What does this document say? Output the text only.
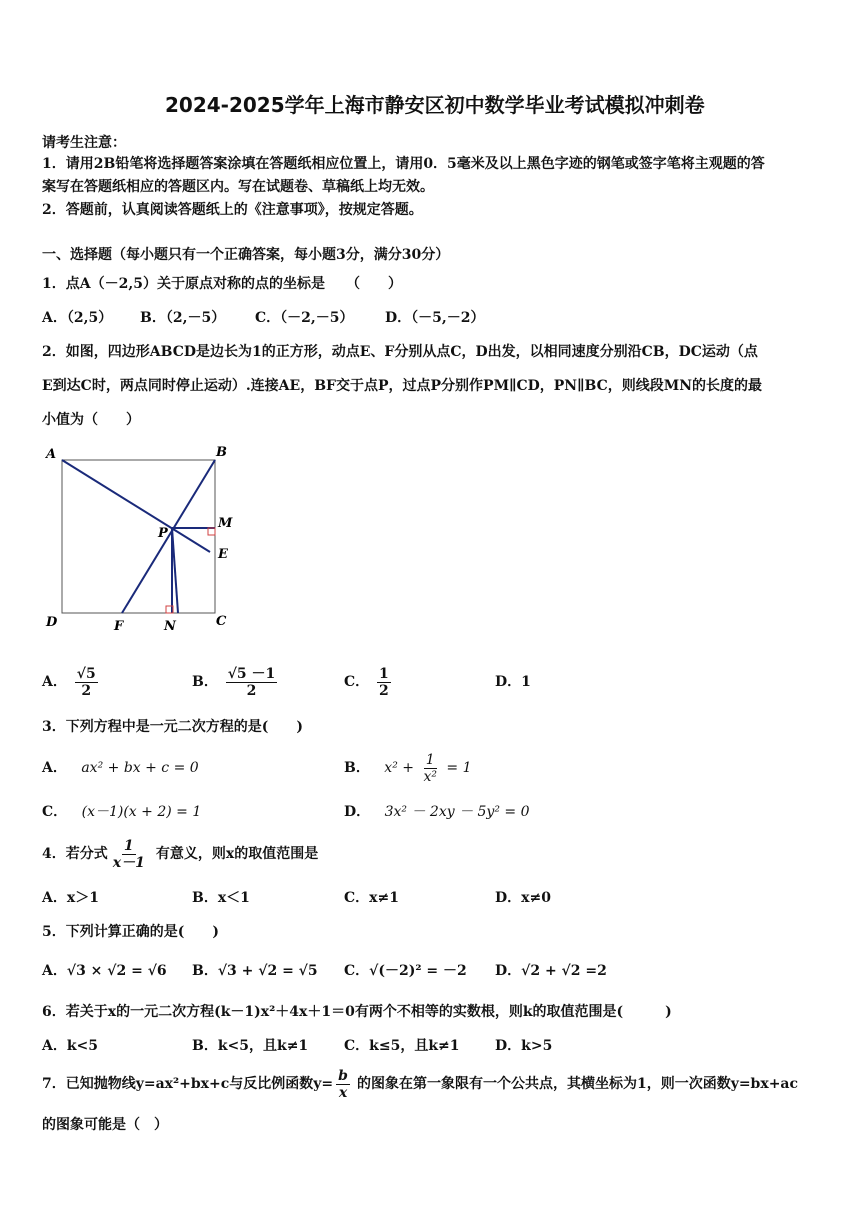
2024-2025学年上海市静安区初中数学毕业考试模拟冲刺卷
请考生注意：
1．请用2B铅笔将选择题答案涂填在答题纸相应位置上，请用0．5毫米及以上黑色字迹的钢笔或签字笔将主观题的答
案写在答题纸相应的答题区内。写在试题卷、草稿纸上均无效。
2．答题前，认真阅读答题纸上的《注意事项》，按规定答题。
一、选择题（每小题只有一个正确答案，每小题3分，满分30分）
1．点A（－2,5）关于原点对称的点的坐标是　　（　　）
A．（2,5） B．（2,－5） C．（－2,－5） D．（－5,－2）
2．如图，四边形ABCD是边长为1的正方形，动点E、F分别从点C，D出发，以相同速度分别沿CB，DC运动（点
E到达C时，两点同时停止运动）.连接AE，BF交于点P，过点P分别作PM∥CD，PN∥BC，则线段MN的长度的最
小值为（　　）
A	B
C
D
E
F
M
N
P
A． $\frac{√5}{2}$	B． $\frac{√5 -1}{2}$	C． $\frac{1}{2}$	D．1
3．下列方程中是一元二次方程的是(　　)
A． ax² + bx + c = 0	B． $x^2 + \frac{1}{\text{x²}} = 1$
C． (x－1)(x + 2) = 1	D． 3x² － 2xy － 5y² = 0
4．若分式 $\frac{1}{x-1}$ 有意义，则x的取值范围是
A．x＞1	B．x＜1	C．x≠1	D．x≠0
5．下列计算正确的是(　　)
A．√3 × √2 = √6 B．√3 + √2 = √5 C．√(－2)² = －2 D．√2 + √2 =2
6．若关于x的一元二次方程(k－1)x²＋4x＋1＝0有两个不相等的实数根，则k的取值范围是(　　　)
A．k<5	B．k<5，且k≠1	C．k≤5，且k≠1	D．k>5
7．已知抛物线y=ax²+bx+c与反比例函数$y= \frac{b}{x}$ 的图象在第一象限有一个公共点，其横坐标为1，则一次函数y=bx+ac
的图象可能是（　）
